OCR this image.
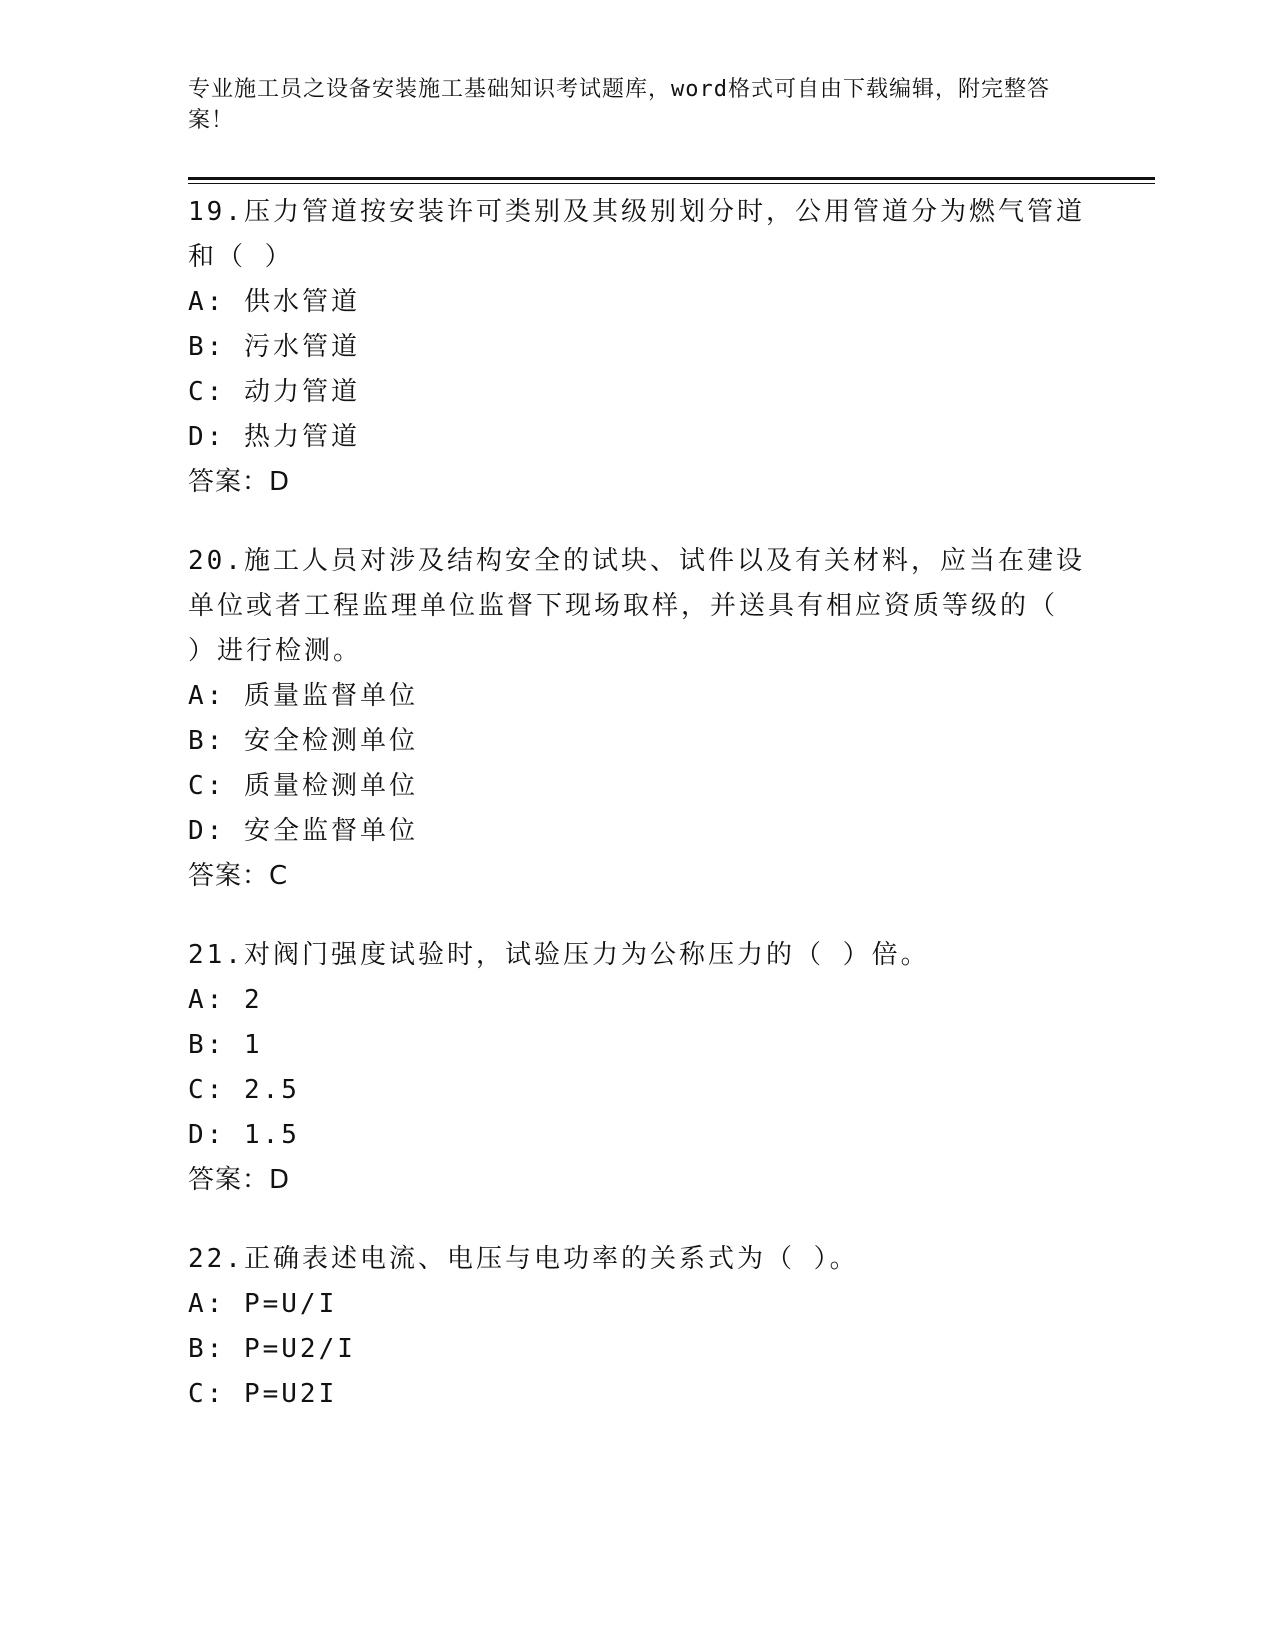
专业施工员之设备安装施工基础知识考试题库，word格式可自由下载编辑，附完整答案！
19.压力管道按安装许可类别及其级别划分时，公用管道分为燃气管道和（ ）
A: 供水管道
B: 污水管道
C: 动力管道
D: 热力管道
答案：D
20.施工人员对涉及结构安全的试块、试件以及有关材料，应当在建设单位或者工程监理单位监督下现场取样，并送具有相应资质等级的（ ）进行检测。
A: 质量监督单位
B: 安全检测单位
C: 质量检测单位
D: 安全监督单位
答案：C
21.对阀门强度试验时，试验压力为公称压力的（ ）倍。
A: 2
B: 1
C: 2.5
D: 1.5
答案：D
22.正确表述电流、电压与电功率的关系式为（ ）。
A: P=U/I
B: P=U2/I
C: P=U2I
